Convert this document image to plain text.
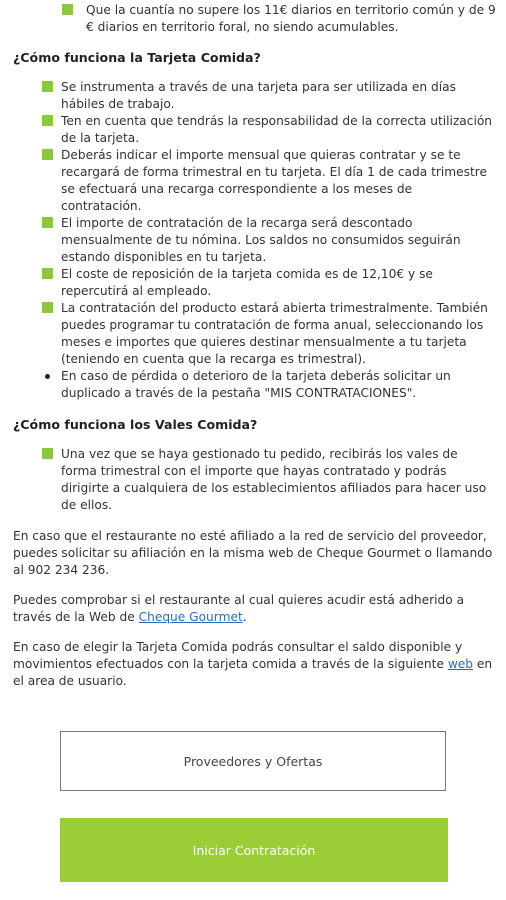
Que la cuantía no supere los 11€ diarios en territorio común y de 9 € diarios en territorio foral, no siendo acumulables.
¿Cómo funciona la Tarjeta Comida?
Se instrumenta a través de una tarjeta para ser utilizada en días hábiles de trabajo.
Ten en cuenta que tendrás la responsabilidad de la correcta utilización de la tarjeta.
Deberás indicar el importe mensual que quieras contratar y se te recargará de forma trimestral en tu tarjeta. El día 1 de cada trimestre se efectuará una recarga correspondiente a los meses de contratación.
El importe de contratación de la recarga será descontado mensualmente de tu nómina. Los saldos no consumidos seguirán estando disponibles en tu tarjeta.
El coste de reposición de la tarjeta comida es de 12,10€ y se repercutirá al empleado.
La contratación del producto estará abierta trimestralmente. También puedes programar tu contratación de forma anual, seleccionando los meses e importes que quieres destinar mensualmente a tu tarjeta (teniendo en cuenta que la recarga es trimestral).
En caso de pérdida o deterioro de la tarjeta deberás solicitar un duplicado a través de la pestaña "MIS CONTRATACIONES".
¿Cómo funciona los Vales Comida?
Una vez que se haya gestionado tu pedido, recibirás los vales de forma trimestral con el importe que hayas contratado y podrás dirigirte a cualquiera de los establecimientos afiliados para hacer uso de ellos.

En caso que el restaurante no esté afiliado a la red de servicio del proveedor, puedes solicitar su afiliación en la misma web de Cheque Gourmet o llamando al 902 234 236.

Puedes comprobar si el restaurante al cual quieres acudir está adherido a través de la Web de Cheque Gourmet.

En caso de elegir la Tarjeta Comida podrás consultar el saldo disponible y movimientos efectuados con la tarjeta comida a través de la siguiente web en el area de usuario.

Proveedores y Ofertas
Iniciar Contratación
